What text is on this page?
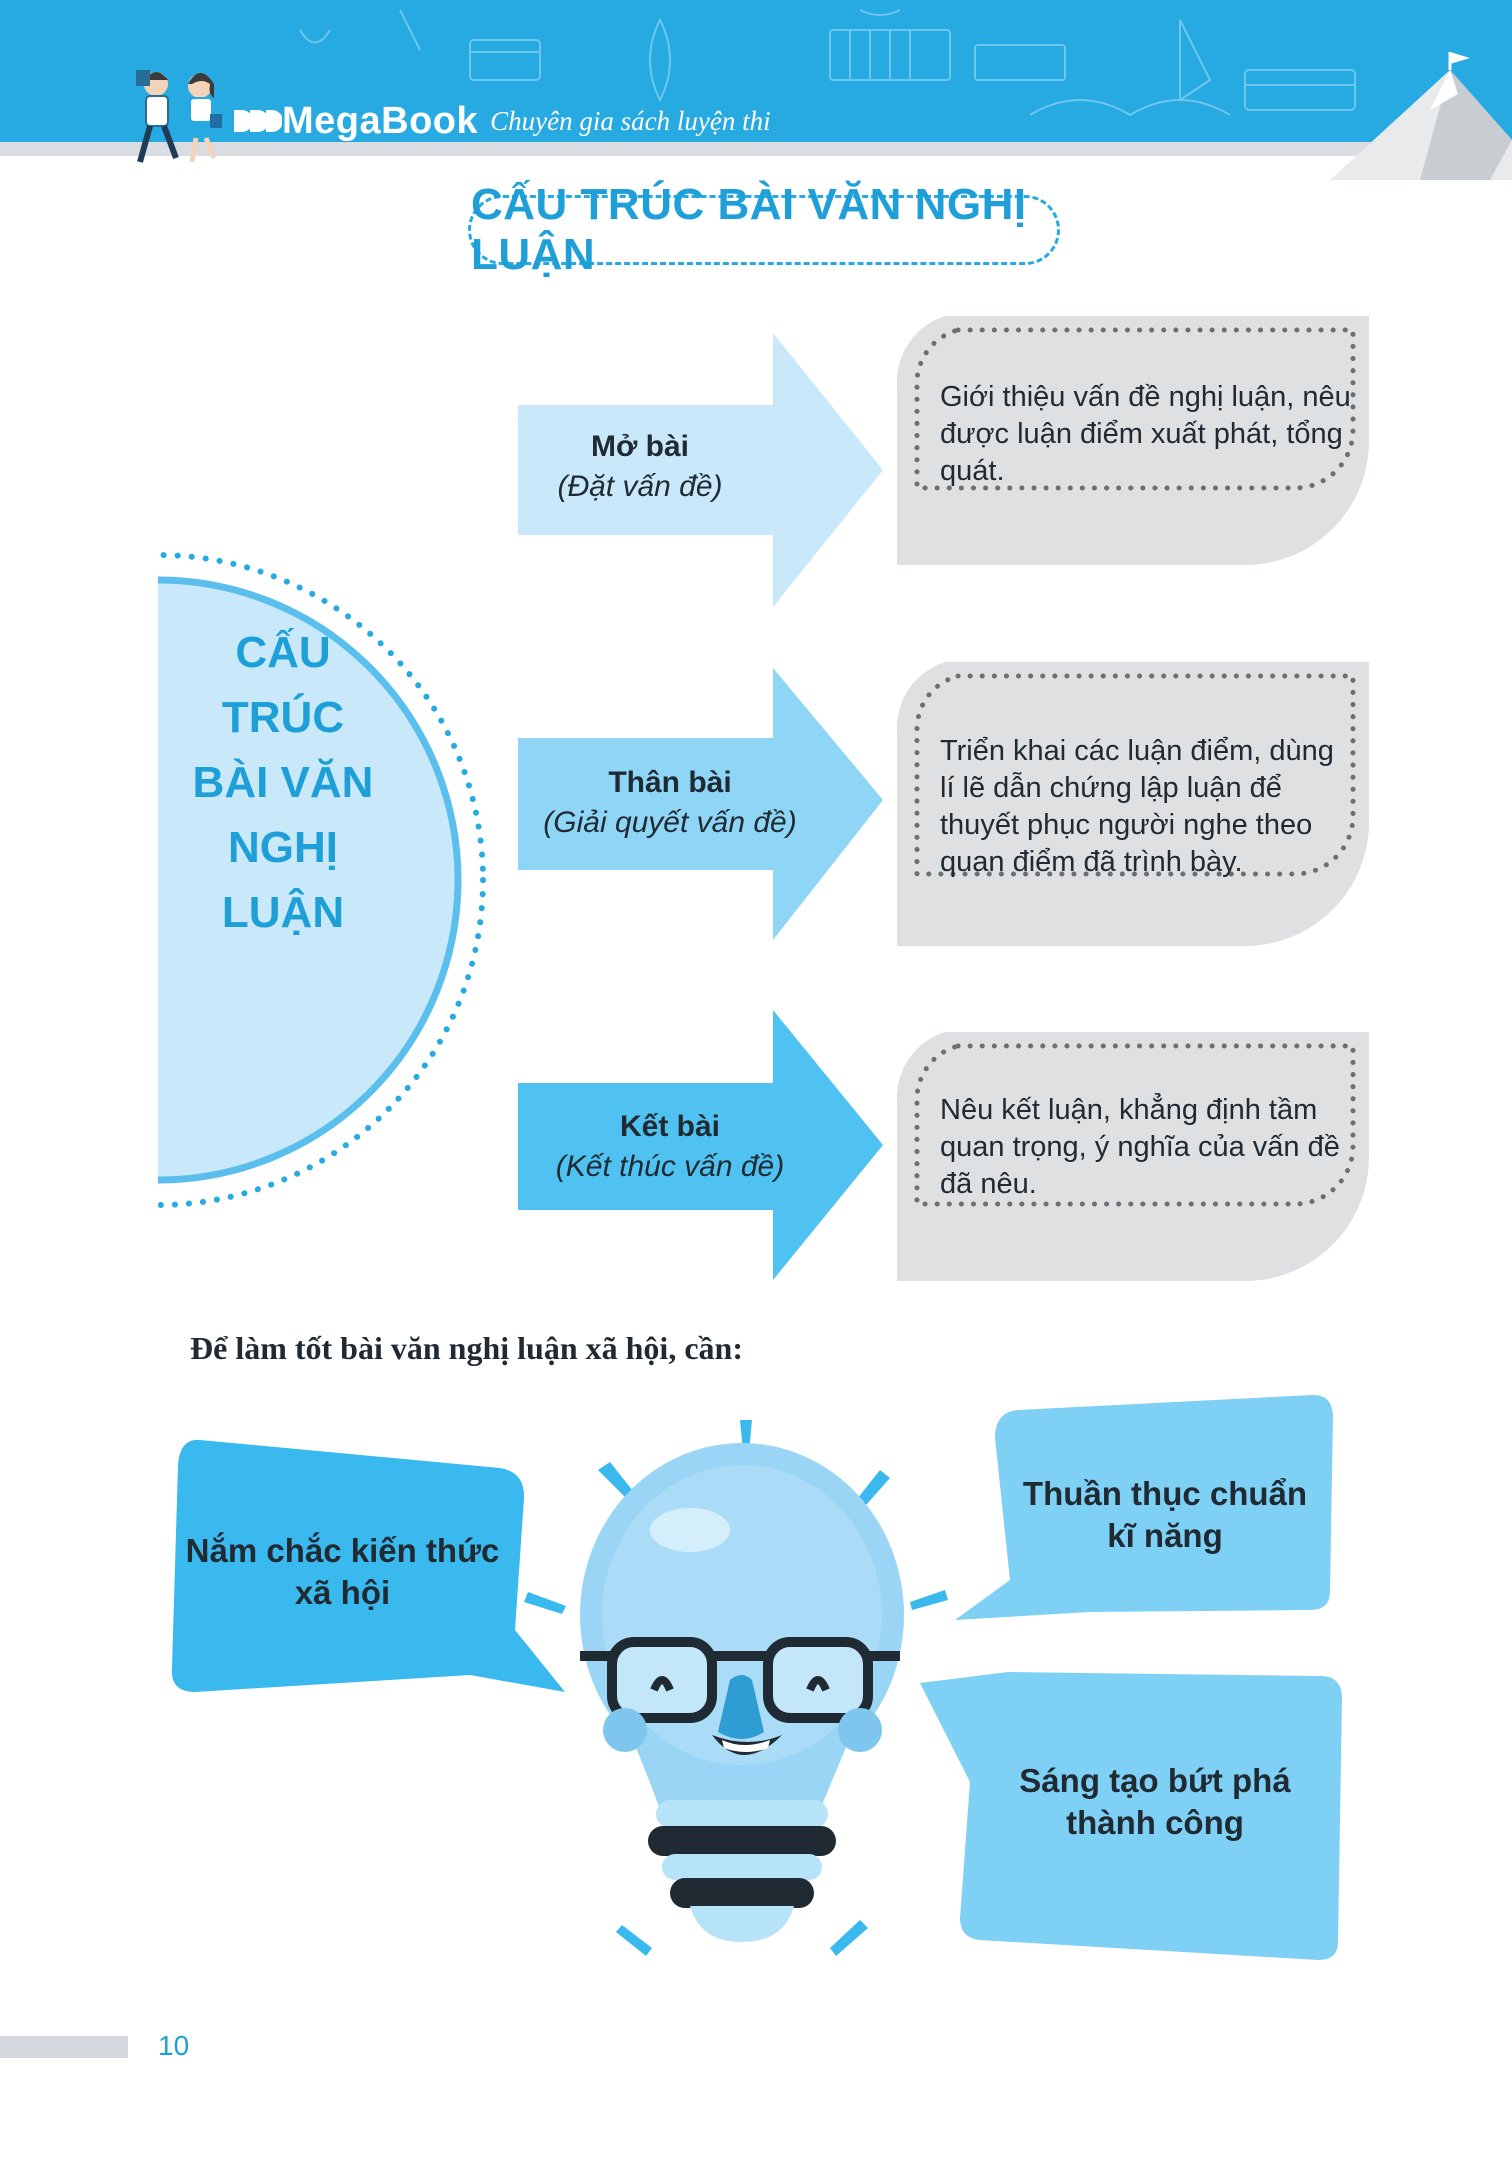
MegaBook Chuyên gia sách luyện thi
CẤU TRÚC BÀI VĂN NGHỊ LUẬN
CẤU
TRÚC
BÀI VĂN
NGHỊ
LUẬN
Mở bài
(Đặt vấn đề)
Thân bài
(Giải quyết vấn đề)
Kết bài
(Kết thúc vấn đề)
Giới thiệu vấn đề nghị luận, nêu
được luận điểm xuất phát, tổng
quát.
Triển khai các luận điểm, dùng
lí lẽ dẫn chứng lập luận để
thuyết phục người nghe theo
quan điểm đã trình bày.
Nêu kết luận, khẳng định tầm
quan trọng, ý nghĩa của vấn đề
đã nêu.
Để làm tốt bài văn nghị luận xã hội, cần:
Nắm chắc kiến thức
xã hội
Thuần thục chuẩn
kĩ năng
Sáng tạo bứt phá
thành công
10
